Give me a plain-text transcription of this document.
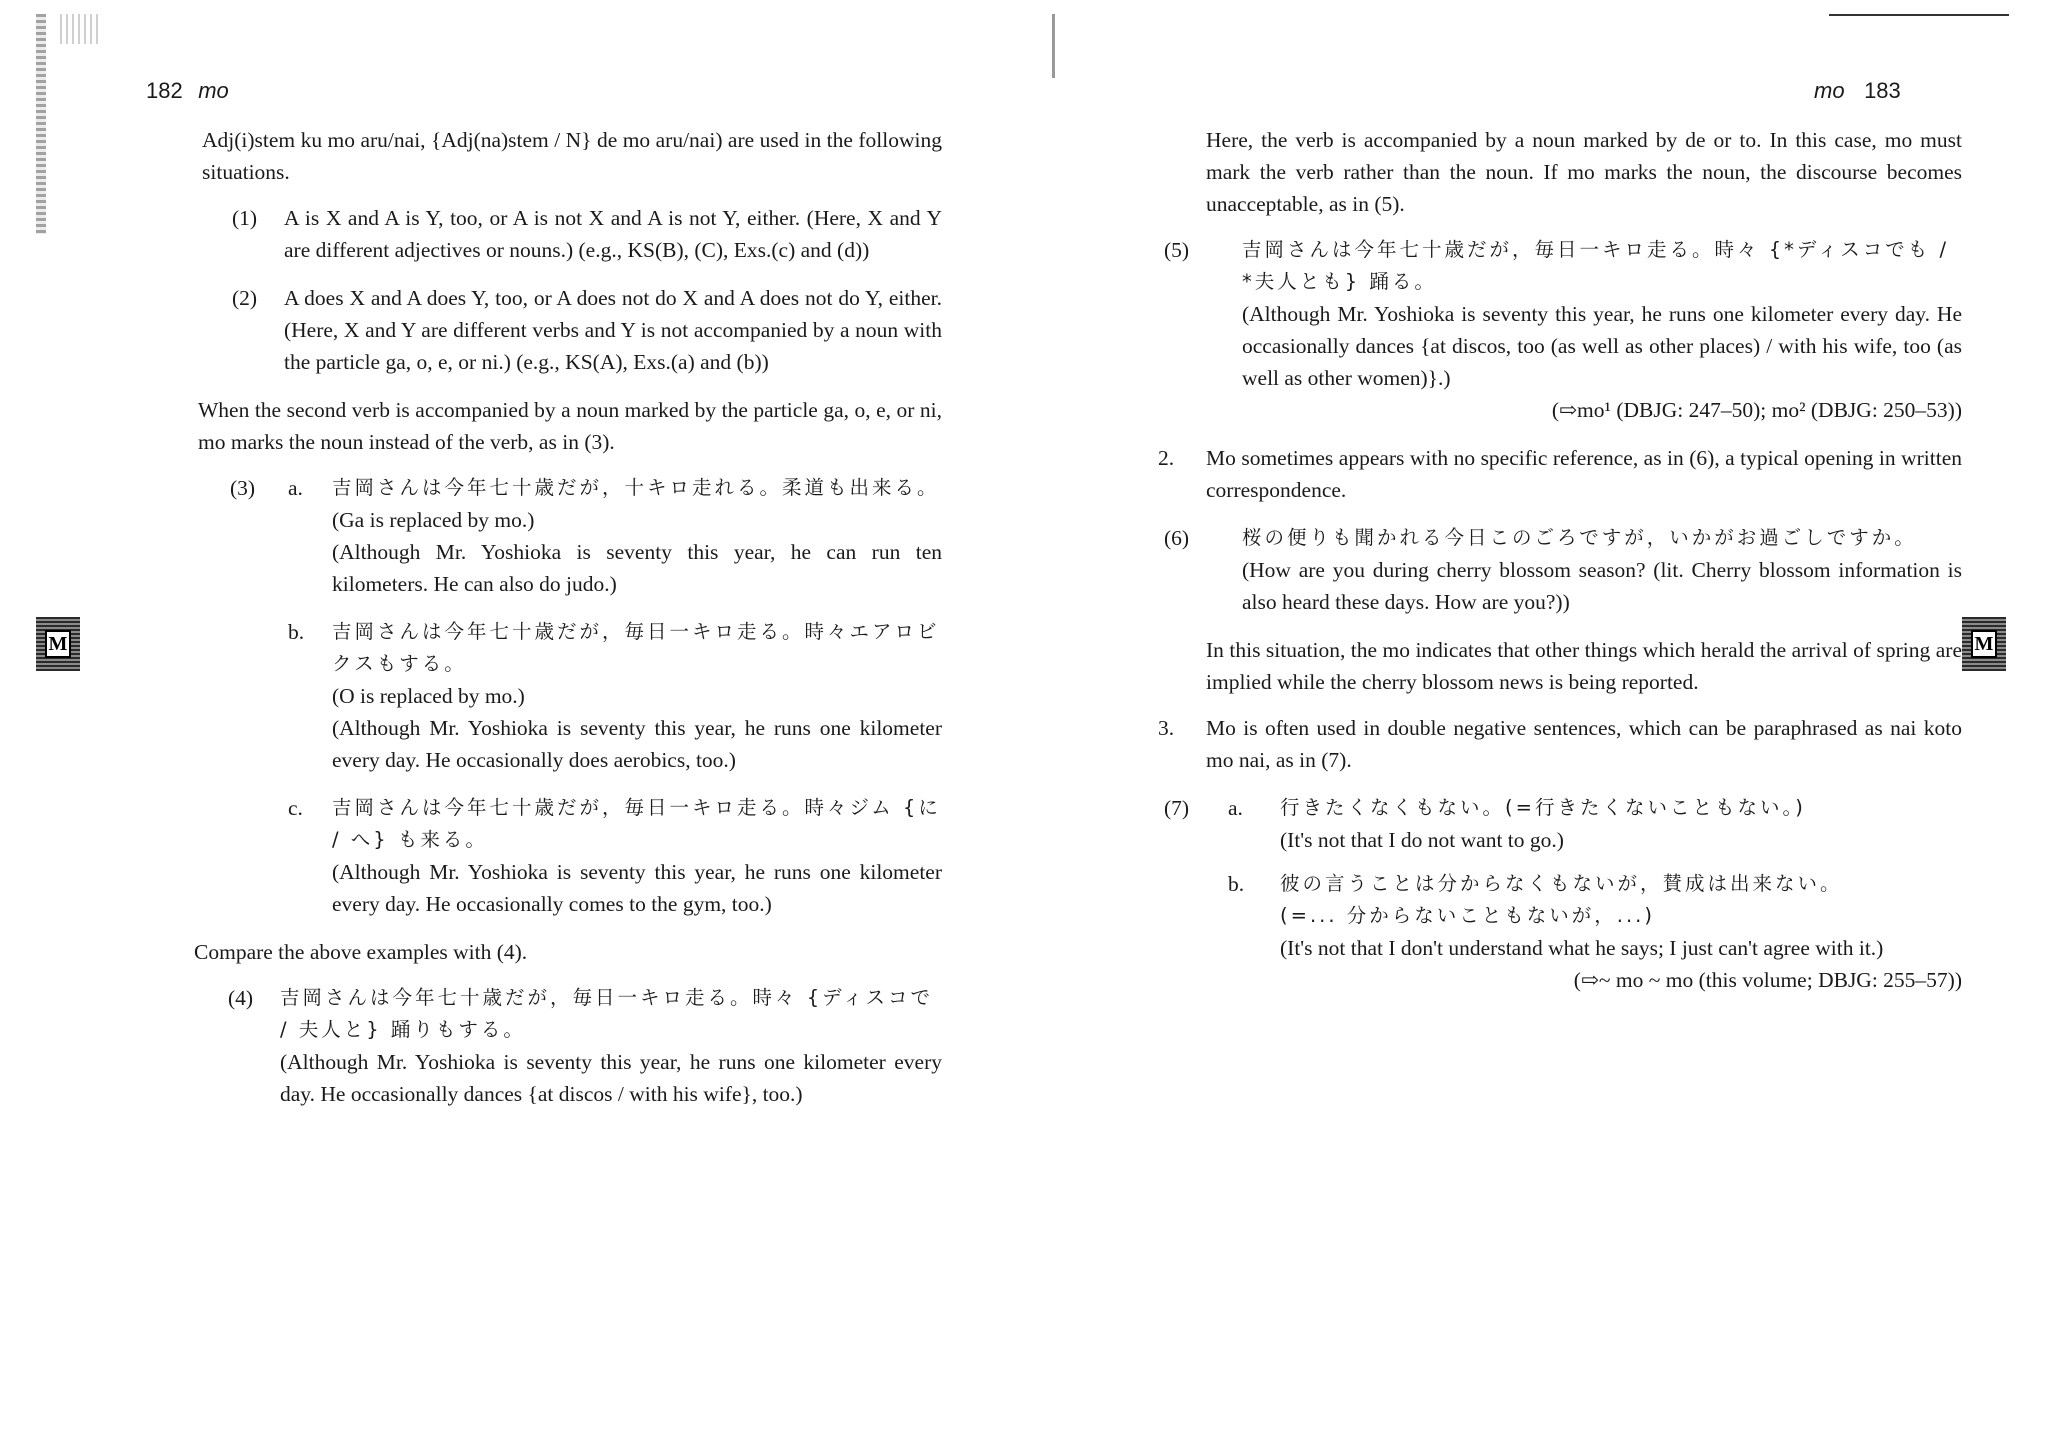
182 mo
M

Adj(i)stem ku mo aru/nai, {Adj(na)stem / N} de mo aru/nai) are used in the following situations.

(1) A is X and A is Y, too, or A is not X and A is not Y, either. (Here, X and Y are different adjectives or nouns.) (e.g., KS(B), (C), Exs.(c) and (d))
(2) A does X and A does Y, too, or A does not do X and A does not do Y, either. (Here, X and Y are different verbs and Y is not accompanied by a noun with the particle ga, o, e, or ni.) (e.g., KS(A), Exs.(a) and (b))

When the second verb is accompanied by a noun marked by the particle ga, o, e, or ni, mo marks the noun instead of the verb, as in (3).

(3) a. 吉岡さんは今年七十歳だが，十キロ走れる。柔道も出来る。

(Ga is replaced by mo.)

(Although Mr. Yoshioka is seventy this year, he can run ten kilometers. He can also do judo.)

b. 吉岡さんは今年七十歳だが，毎日一キロ走る。時々エアロビクスもする。

(O is replaced by mo.)

(Although Mr. Yoshioka is seventy this year, he runs one kilometer every day. He occasionally does aerobics, too.)

c. 吉岡さんは今年七十歳だが，毎日一キロ走る。時々ジム {に / へ} も来る。

(Although Mr. Yoshioka is seventy this year, he runs one kilometer every day. He occasionally comes to the gym, too.)

Compare the above examples with (4).

(4) 吉岡さんは今年七十歳だが，毎日一キロ走る。時々 {ディスコで / 夫人と} 踊りもする。

(Although Mr. Yoshioka is seventy this year, he runs one kilometer every day. He occasionally dances {at discos / with his wife}, too.)

mo 183
M

Here, the verb is accompanied by a noun marked by de or to. In this case, mo must mark the verb rather than the noun. If mo marks the noun, the discourse becomes unacceptable, as in (5).

(5)	吉岡さんは今年七十歳だが，毎日一キロ走る。時々 {*ディスコでも / *夫人とも} 踊る。

(Although Mr. Yoshioka is seventy this year, he runs one kilometer every day. He occasionally dances {at discos, too (as well as other places) / with his wife, too (as well as other women)}.)

(⇨mo¹ (DBJG: 247–50); mo² (DBJG: 250–53))

2. Mo sometimes appears with no specific reference, as in (6), a typical opening in written correspondence.

(6)	桜の便りも聞かれる今日このごろですが，いかがお過ごしですか。

(How are you during cherry blossom season? (lit. Cherry blossom information is also heard these days. How are you?))

In this situation, the mo indicates that other things which herald the arrival of spring are implied while the cherry blossom news is being reported.

3. Mo is often used in double negative sentences, which can be paraphrased as nai koto mo nai, as in (7).

(7) a. 行きたくなくもない。(=行きたくないこともない。)

(It's not that I do not want to go.)

b. 彼の言うことは分からなくもないが，賛成は出来ない。

(=... 分からないこともないが，...)

(It's not that I don't understand what he says; I just can't agree with it.)

(⇨~ mo ~ mo (this volume; DBJG: 255–57))
